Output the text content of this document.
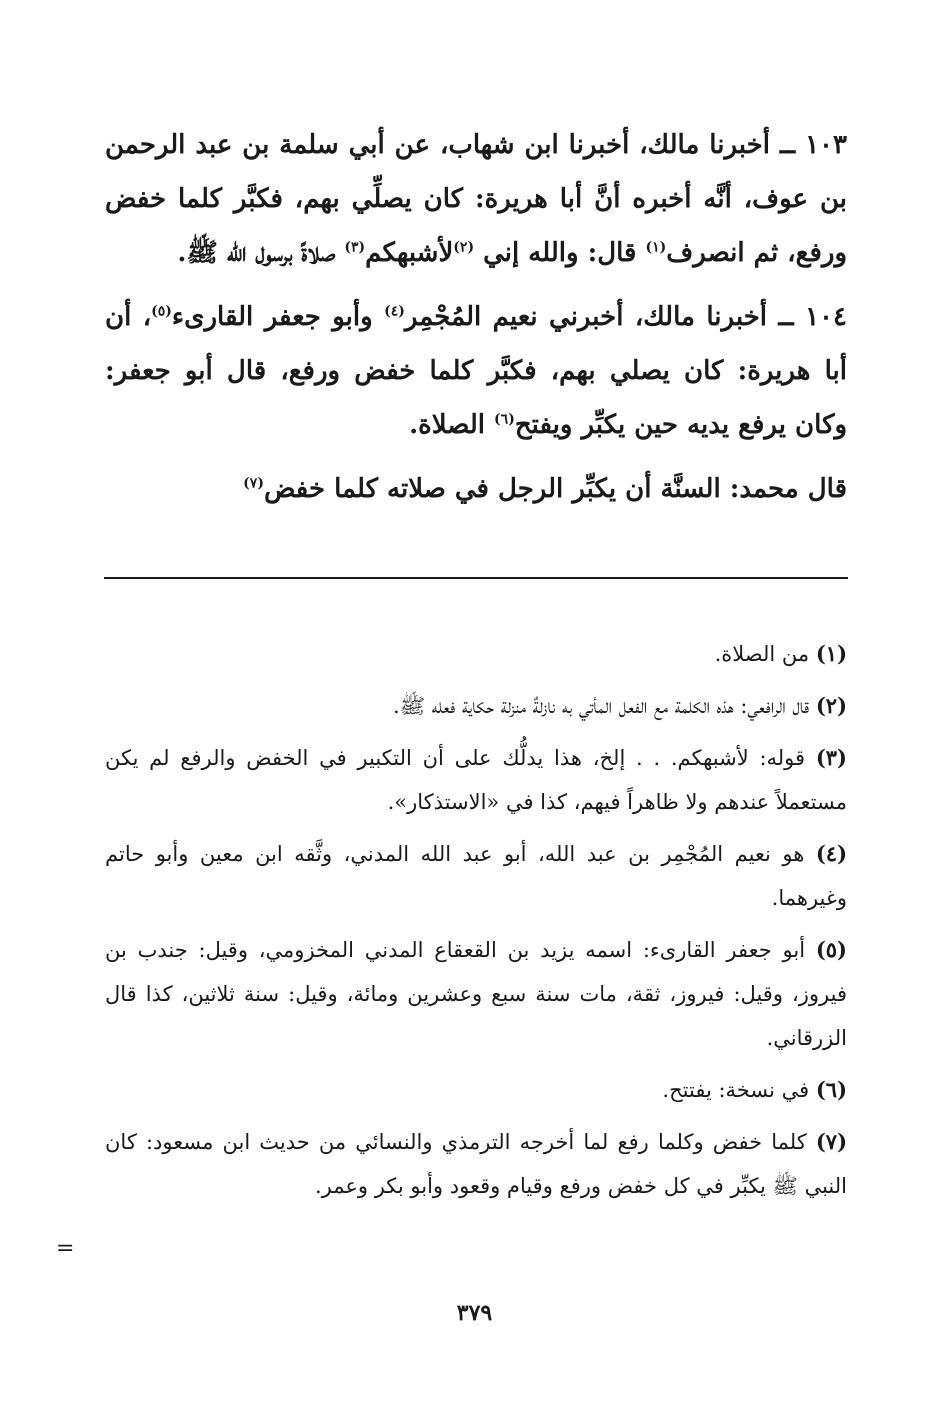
١٠٣ ــ أخبرنا مالك، أخبرنا ابن شهاب، عن أبي سلمة بن عبد الرحمن بن عوف، أنَّه أخبره أنَّ أبا هريرة: كان يصلِّي بهم، فكبَّر كلما خفض ورفع، ثم انصرف$^{(١)}$ قال: والله إني $^{(٢)}$لأشبهكم$^{(٣)}$ صلاةً برسول الله ﷺ.

١٠٤ ــ أخبرنا مالك، أخبرني نعيم المُجْمِر$^{(٤)}$ وأبو جعفر القارىء$^{(٥)}$، أن أبا هريرة: كان يصلي بهم، فكبَّر كلما خفض ورفع، قال أبو جعفر: وكان يرفع يديه حين يكبِّر ويفتح$^{(٦)}$ الصلاة.

قال محمد: السنَّة أن يكبِّر الرجل في صلاته كلما خفض$^{(٧)}$

(١) من الصلاة.

(٢) قال الرافعي: هذه الكلمة مع الفعل المأتي به نازلةٌ منزلة حكاية فعله ﷺ.

(٣) قوله: لأشبهكم. . . إلخ، هذا يدلُّك على أن التكبير في الخفض والرفع لم يكن مستعملاً عندهم ولا ظاهراً فيهم، كذا في «الاستذكار».

(٤) هو نعيم المُجْمِر بن عبد الله، أبو عبد الله المدني، وثَّقه ابن معين وأبو حاتم وغيرهما.

(٥) أبو جعفر القارىء: اسمه يزيد بن القعقاع المدني المخزومي، وقيل: جندب بن فيروز، وقيل: فيروز، ثقة، مات سنة سبع وعشرين ومائة، وقيل: سنة ثلاثين، كذا قال الزرقاني.

(٦) في نسخة: يفتتح.

(٧) كلما خفض وكلما رفع لما أخرجه الترمذي والنسائي من حديث ابن مسعود: كان النبي ﷺ يكبِّر في كل خفض ورفع وقيام وقعود وأبو بكر وعمر.

=
٣٧٩
